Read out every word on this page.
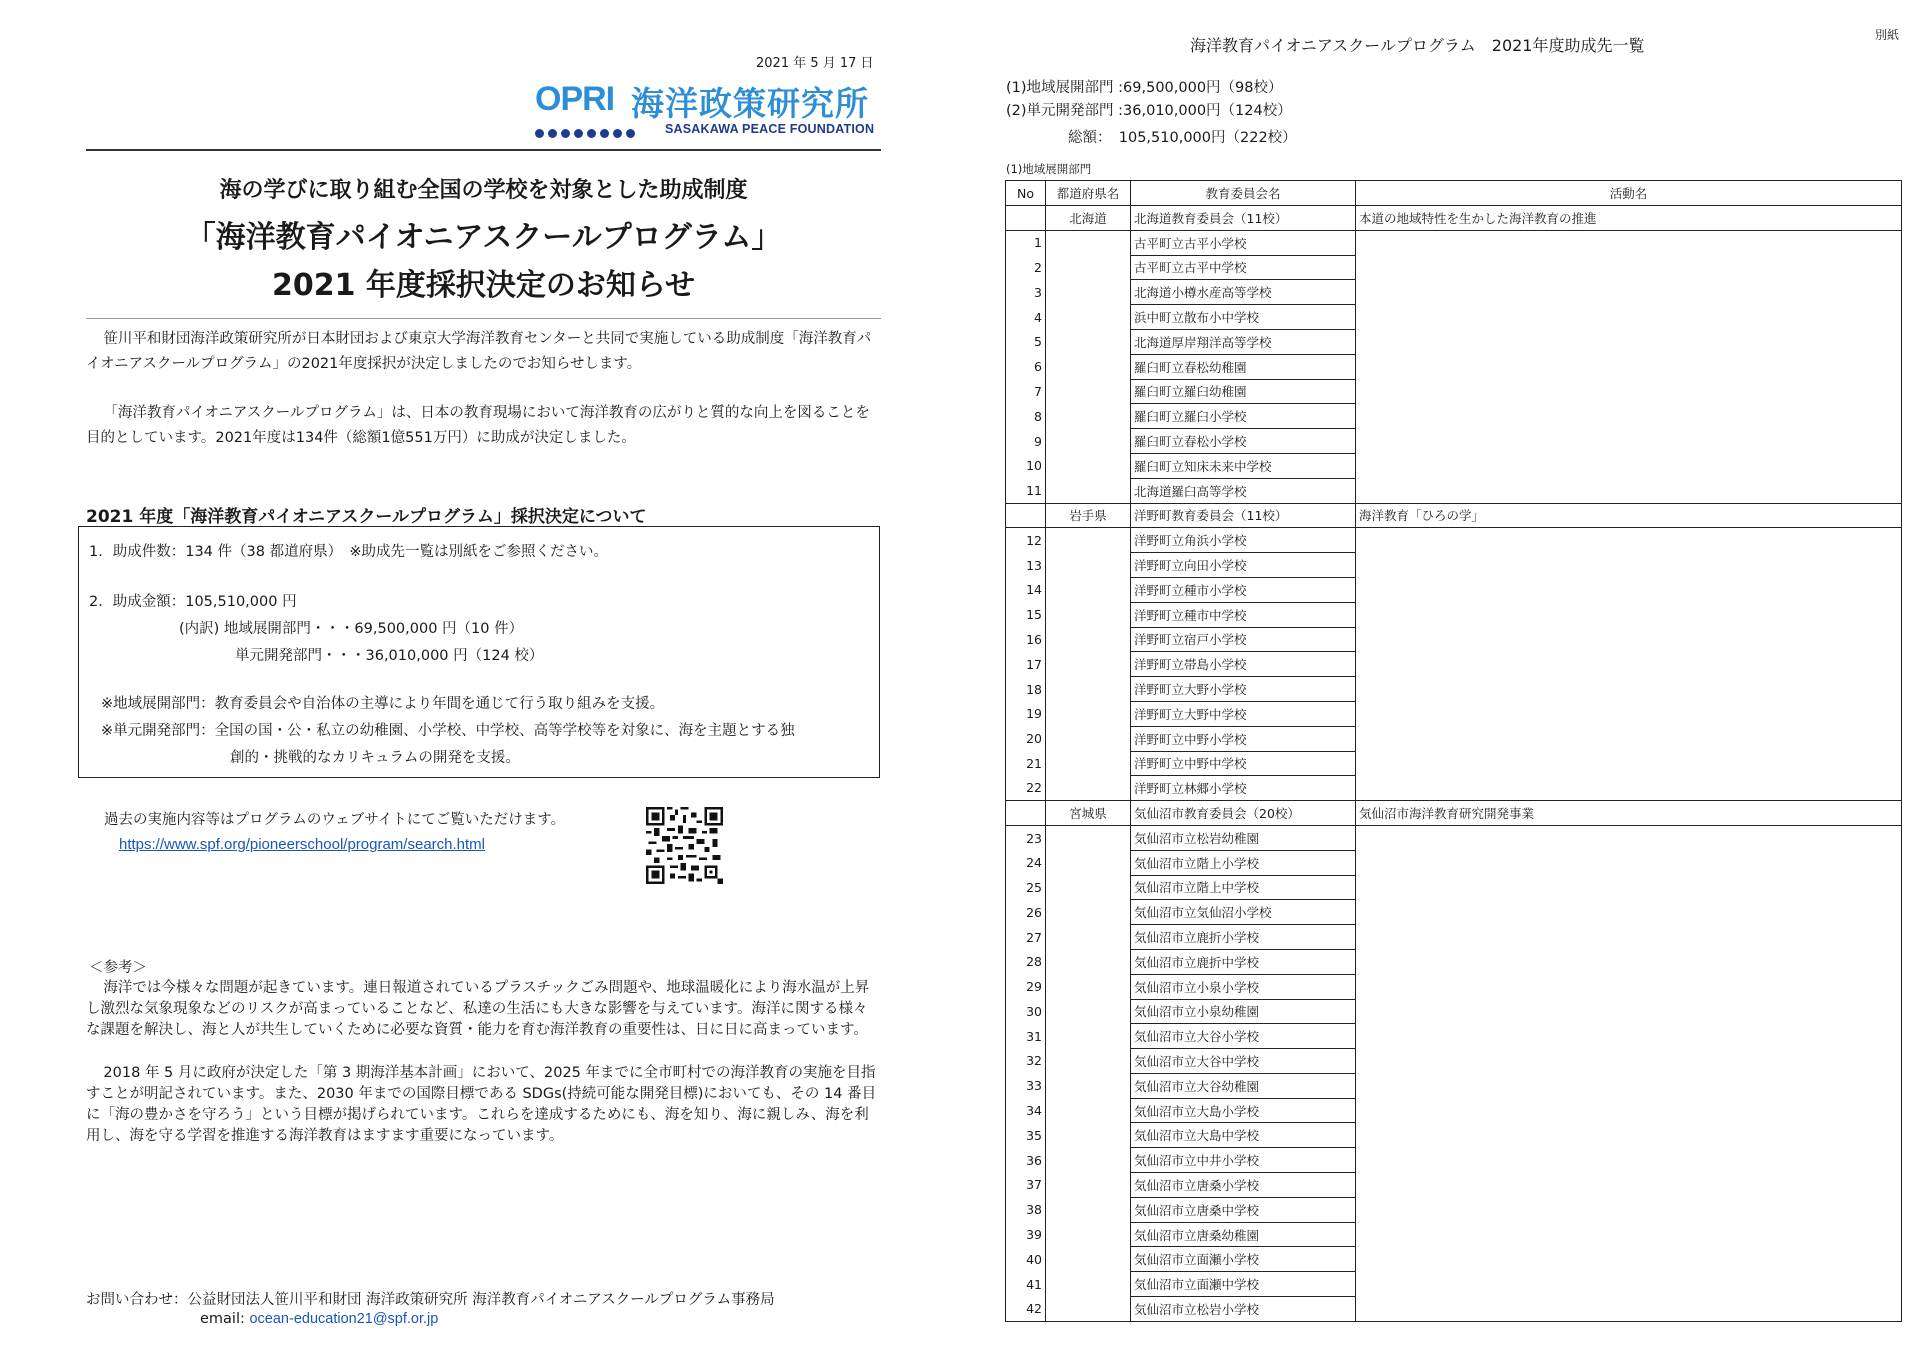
2021 年 5 月 17 日
OPRI 海洋政策研究所
SASAKAWA PEACE FOUNDATION
海の学びに取り組む全国の学校を対象とした助成制度
「海洋教育パイオニアスクールプログラム」
2021 年度採択決定のお知らせ
笹川平和財団海洋政策研究所が日本財団および東京大学海洋教育センターと共同で実施している助成制度「海洋教育パイオニアスクールプログラム」の2021年度採択が決定しましたのでお知らせします。
「海洋教育パイオニアスクールプログラム」は、日本の教育現場において海洋教育の広がりと質的な向上を図ることを目的としています。2021年度は134件（総額1億551万円）に助成が決定しました。
2021 年度「海洋教育パイオニアスクールプログラム」採択決定について
1．助成件数：134 件（38 都道府県）　※助成先一覧は別紙をご参照ください。
2．助成金額：105,510,000 円
(内訳) 地域展開部門・・・69,500,000 円（10 件）
単元開発部門・・・36,010,000 円（124 校）
※地域展開部門：教育委員会や自治体の主導により年間を通じて行う取り組みを支援。
※単元開発部門：全国の国・公・私立の幼稚園、小学校、中学校、高等学校等を対象に、海を主題とする独
創的・挑戦的なカリキュラムの開発を支援。
過去の実施内容等はプログラムのウェブサイトにてご覧いただけます。
https://www.spf.org/pioneerschool/program/search.html
＜参考＞
海洋では今様々な問題が起きています。連日報道されているプラスチックごみ問題や、地球温暖化により海水温が上昇し激烈な気象現象などのリスクが高まっていることなど、私達の生活にも大きな影響を与えています。海洋に関する様々な課題を解決し、海と人が共生していくために必要な資質・能力を育む海洋教育の重要性は、日に日に高まっています。
2018 年 5 月に政府が決定した「第 3 期海洋基本計画」において、2025 年までに全市町村での海洋教育の実施を目指すことが明記されています。また、2030 年までの国際目標である SDGs(持続可能な開発目標)においても、その 14 番目に「海の豊かさを守ろう」という目標が掲げられています。これらを達成するためにも、海を知り、海に親しみ、海を利用し、海を守る学習を推進する海洋教育はますます重要になっています。
お問い合わせ：公益財団法人笹川平和財団 海洋政策研究所 海洋教育パイオニアスクールプログラム事務局
email: ocean-education21@spf.or.jp
海洋教育パイオニアスクールプログラム　2021年度助成先一覧
別紙
(1)地域展開部門 :69,500,000円（98校）
(2)単元開発部門 :36,010,000円（124校）
総額：　105,510,000円（222校）
(1)地域展開部門
No	都道府県名	教育委員会名	活動名
	北海道	北海道教育委員会（11校）	本道の地域特性を生かした海洋教育の推進
1		古平町立古平小学校	
2		古平町立古平中学校	
3		北海道小樽水産高等学校	
4		浜中町立散布小中学校	
5		北海道厚岸翔洋高等学校	
6		羅臼町立春松幼稚園	
7		羅臼町立羅臼幼稚園	
8		羅臼町立羅臼小学校	
9		羅臼町立春松小学校	
10		羅臼町立知床未来中学校	
11		北海道羅臼高等学校	
	岩手県	洋野町教育委員会（11校）	海洋教育「ひろの学」
12		洋野町立角浜小学校	
13		洋野町立向田小学校	
14		洋野町立種市小学校	
15		洋野町立種市中学校	
16		洋野町立宿戸小学校	
17		洋野町立帯島小学校	
18		洋野町立大野小学校	
19		洋野町立大野中学校	
20		洋野町立中野小学校	
21		洋野町立中野中学校	
22		洋野町立林郷小学校	
	宮城県	気仙沼市教育委員会（20校）	気仙沼市海洋教育研究開発事業
23		気仙沼市立松岩幼稚園	
24		気仙沼市立階上小学校	
25		気仙沼市立階上中学校	
26		気仙沼市立気仙沼小学校	
27		気仙沼市立鹿折小学校	
28		気仙沼市立鹿折中学校	
29		気仙沼市立小泉小学校	
30		気仙沼市立小泉幼稚園	
31		気仙沼市立大谷小学校	
32		気仙沼市立大谷中学校	
33		気仙沼市立大谷幼稚園	
34		気仙沼市立大島小学校	
35		気仙沼市立大島中学校	
36		気仙沼市立中井小学校	
37		気仙沼市立唐桑小学校	
38		気仙沼市立唐桑中学校	
39		気仙沼市立唐桑幼稚園	
40		気仙沼市立面瀬小学校	
41		気仙沼市立面瀬中学校	
42		気仙沼市立松岩小学校	
